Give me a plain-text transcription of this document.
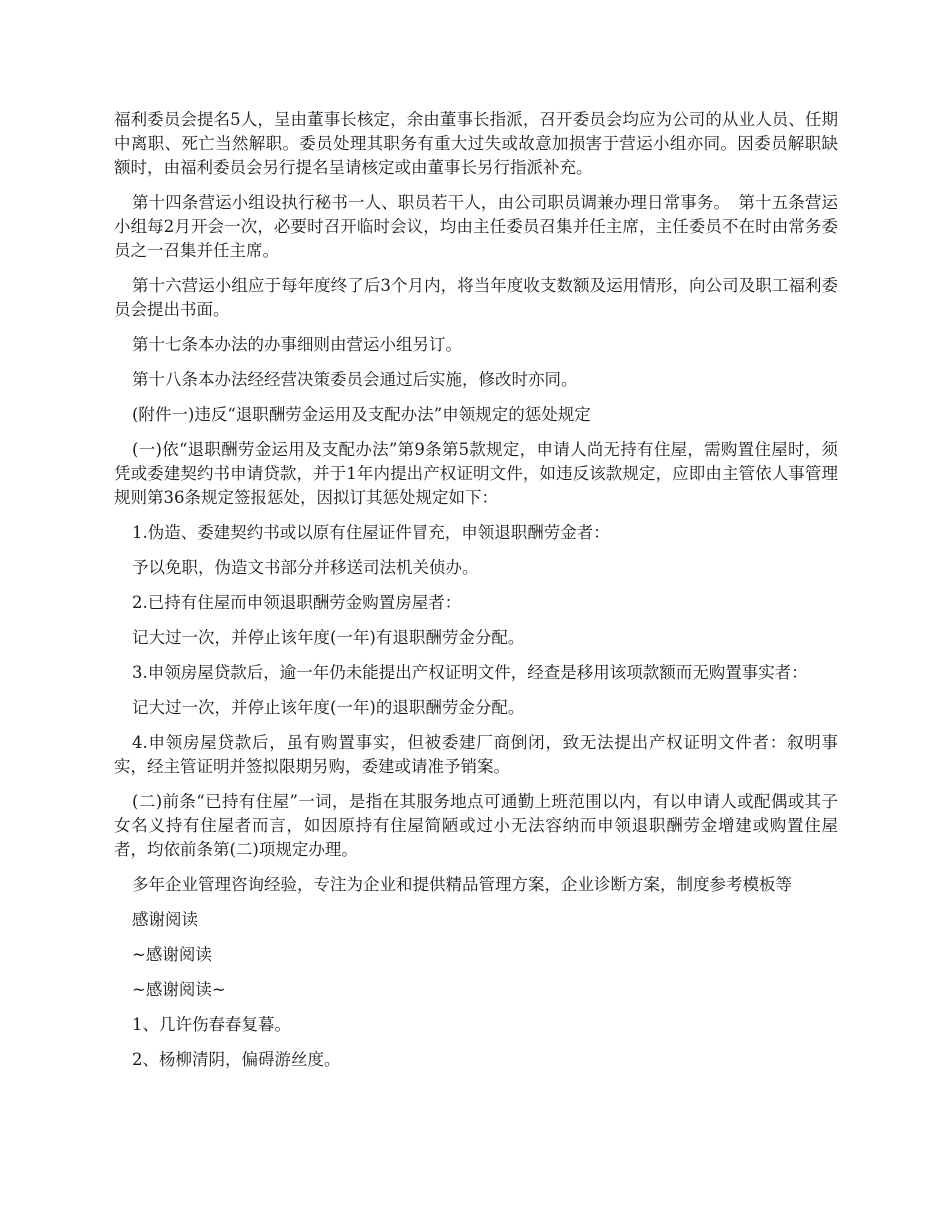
福利委员会提名5人，呈由董事长核定，余由董事长指派，召开委员会均应为公司的从业人员、任期中离职、死亡当然解职。委员处理其职务有重大过失或故意加损害于营运小组亦同。因委员解职缺额时，由福利委员会另行提名呈请核定或由董事长另行指派补充。

第十四条营运小组设执行秘书一人、职员若干人，由公司职员调兼办理日常事务。　第十五条营运小组每2月开会一次，必要时召开临时会议，均由主任委员召集并任主席，主任委员不在时由常务委员之一召集并任主席。

第十六营运小组应于每年度终了后3个月内，将当年度收支数额及运用情形，向公司及职工福利委员会提出书面。

第十七条本办法的办事细则由营运小组另订。

第十八条本办法经经营决策委员会通过后实施，修改时亦同。

(附件一)违反“退职酬劳金运用及支配办法”申领规定的惩处规定

(一)依“退职酬劳金运用及支配办法”第9条第5款规定，申请人尚无持有住屋，需购置住屋时，须凭或委建契约书申请贷款，并于1年内提出产权证明文件，如违反该款规定，应即由主管依人事管理规则第36条规定签报惩处，因拟订其惩处规定如下：

1.伪造、委建契约书或以原有住屋证件冒充，申领退职酬劳金者：

予以免职，伪造文书部分并移送司法机关侦办。

2.已持有住屋而申领退职酬劳金购置房屋者：

记大过一次，并停止该年度(一年)有退职酬劳金分配。

3.申领房屋贷款后，逾一年仍未能提出产权证明文件，经查是移用该项款额而无购置事实者：

记大过一次，并停止该年度(一年)的退职酬劳金分配。

4.申领房屋贷款后，虽有购置事实，但被委建厂商倒闭，致无法提出产权证明文件者：叙明事实，经主管证明并签拟限期另购，委建或请准予销案。

(二)前条“已持有住屋”一词，是指在其服务地点可通勤上班范围以内，有以申请人或配偶或其子女名义持有住屋者而言，如因原持有住屋简陋或过小无法容纳而申领退职酬劳金增建或购置住屋者，均依前条第(二)项规定办理。

多年企业管理咨询经验，专注为企业和提供精品管理方案，企业诊断方案，制度参考模板等

感谢阅读

~感谢阅读

~感谢阅读~

1、几许伤春春复暮。

2、杨柳清阴，偏碍游丝度。
